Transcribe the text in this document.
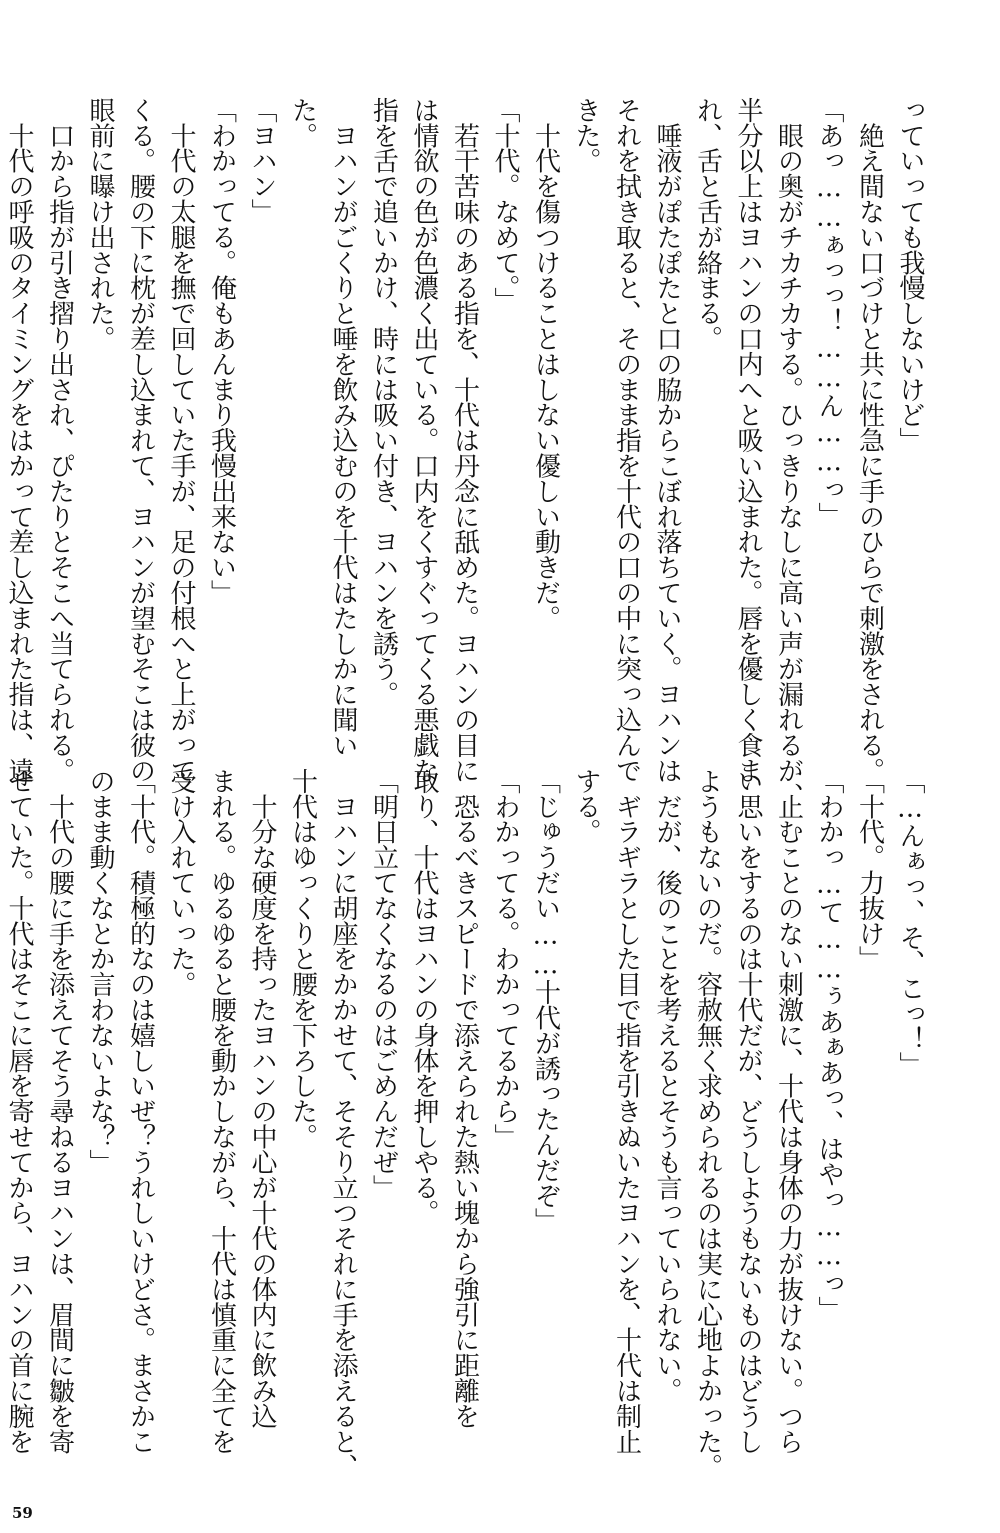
っていっても我慢しないけど」
　絶え間ない口づけと共に性急に手のひらで刺激をされる。
「あっ……ぁっっ！……ん……っ」
　眼の奥がチカチカする。ひっきりなしに高い声が漏れるが、
半分以上はヨハンの口内へと吸い込まれた。唇を優しく食ま
れ、舌と舌が絡まる。
　唾液がぽたぽたと口の脇からこぼれ落ちていく。ヨハンは
それを拭き取ると、そのまま指を十代の口の中に突っ込んで
きた。
　十代を傷つけることはしない優しい動きだ。
「十代。なめて。」
　若干苦味のある指を、十代は丹念に舐めた。ヨハンの目に
は情欲の色が色濃く出ている。口内をくすぐってくる悪戯な
指を舌で追いかけ、時には吸い付き、ヨハンを誘う。
　ヨハンがごくりと唾を飲み込むのを十代はたしかに聞い
た。
「ヨハン」
「わかってる。俺もあんまり我慢出来ない」
　十代の太腿を撫で回していた手が、足の付根へと上がって
くる。腰の下に枕が差し込まれて、ヨハンが望むそこは彼の
眼前に曝け出された。
　口から指が引き摺り出され、ぴたりとそこへ当てられる。
　十代の呼吸のタイミングをはかって差し込まれた指は、遠
「…んぁっ、そ、こっ！」
「十代。力抜け」
「わかっ…て……ぅあぁあっ、はやっ……っ」
　止むことのない刺激に、十代は身体の力が抜けない。つら
い思いをするのは十代だが、どうしようもないものはどうし
ようもないのだ。容赦無く求められるのは実に心地よかった。
　だが、後のことを考えるとそうも言っていられない。
　ギラギラとした目で指を引きぬいたヨハンを、十代は制止
する。
「じゅうだい……十代が誘ったんだぞ」
「わかってる。わかってるから」
　恐るべきスピードで添えられた熱い塊から強引に距離を
取り、十代はヨハンの身体を押しやる。
「明日立てなくなるのはごめんだぜ」
　ヨハンに胡座をかかせて、そそり立つそれに手を添えると、
十代はゆっくりと腰を下ろした。
　十分な硬度を持ったヨハンの中心が十代の体内に飲み込
まれる。ゆるゆると腰を動かしながら、十代は慎重に全てを
受け入れていった。
「十代。積極的なのは嬉しいぜ？うれしいけどさ。まさかこ
のまま動くなとか言わないよな？」
　十代の腰に手を添えてそう尋ねるヨハンは、眉間に皺を寄
せていた。十代はそこに唇を寄せてから、ヨハンの首に腕を
59
